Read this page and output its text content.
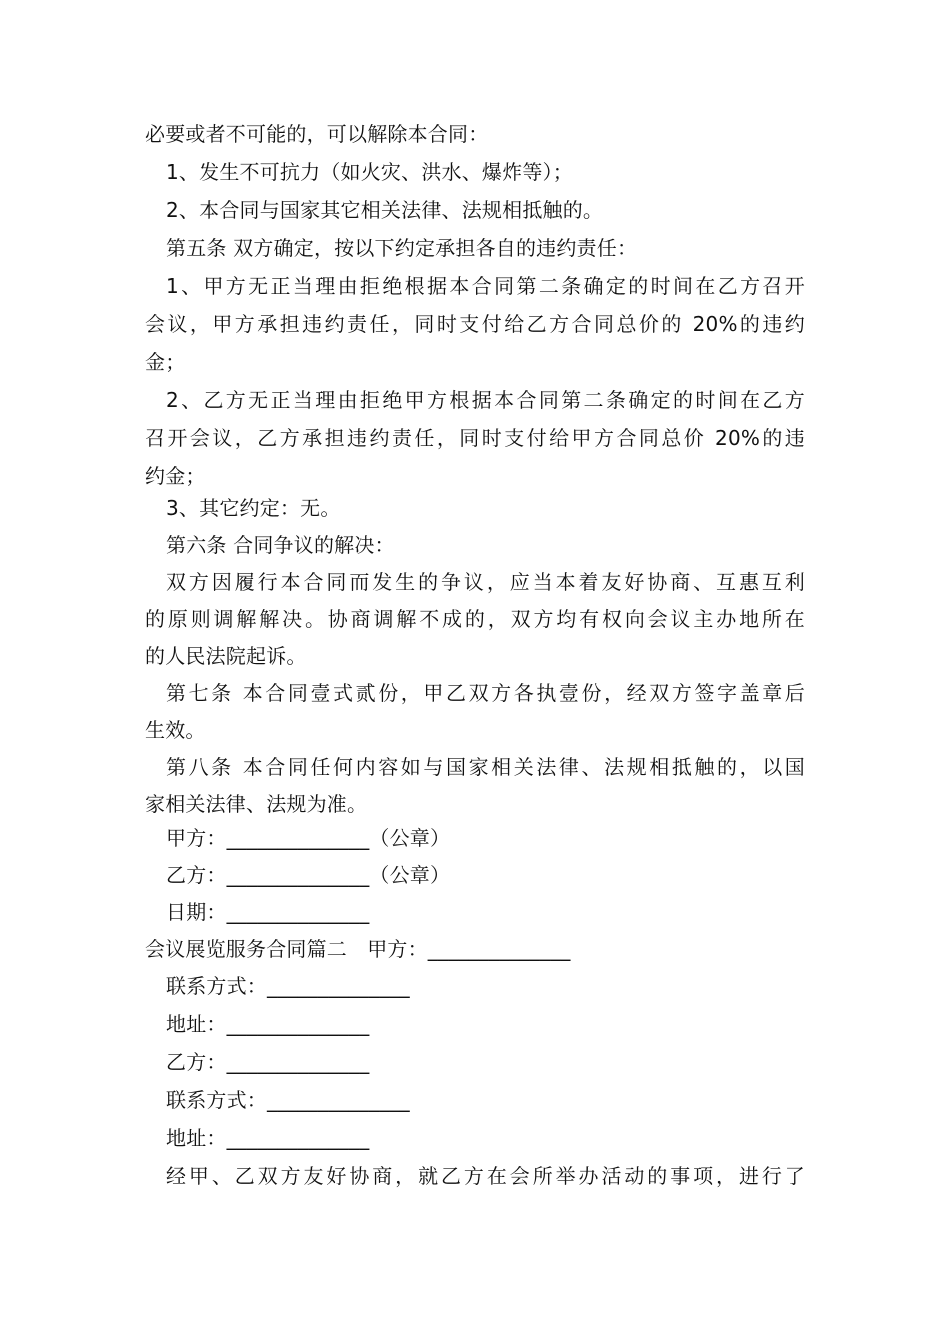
必要或者不可能的，可以解除本合同：
1、发生不可抗力（如火灾、洪水、爆炸等）；
2、本合同与国家其它相关法律、法规相抵触的。
第五条 双方确定，按以下约定承担各自的违约责任：
1、甲方无正当理由拒绝根据本合同第二条确定的时间在乙方召开
会议，甲方承担违约责任，同时支付给乙方合同总价的 20%的违约
金；
2、乙方无正当理由拒绝甲方根据本合同第二条确定的时间在乙方
召开会议，乙方承担违约责任，同时支付给甲方合同总价 20%的违
约金；
3、其它约定：无。
第六条 合同争议的解决：
双方因履行本合同而发生的争议，应当本着友好协商、互惠互利
的原则调解解决。协商调解不成的，双方均有权向会议主办地所在
的人民法院起诉。
第七条 本合同壹式贰份，甲乙双方各执壹份，经双方签字盖章后
生效。
第八条 本合同任何内容如与国家相关法律、法规相抵触的，以国
家相关法律、法规为准。
甲方：______________（公章）
乙方：______________（公章）
日期：______________
会议展览服务合同篇二　甲方：______________
联系方式：______________
地址：______________
乙方：______________
联系方式：______________
地址：______________
经甲、乙双方友好协商，就乙方在会所举办活动的事项，进行了
